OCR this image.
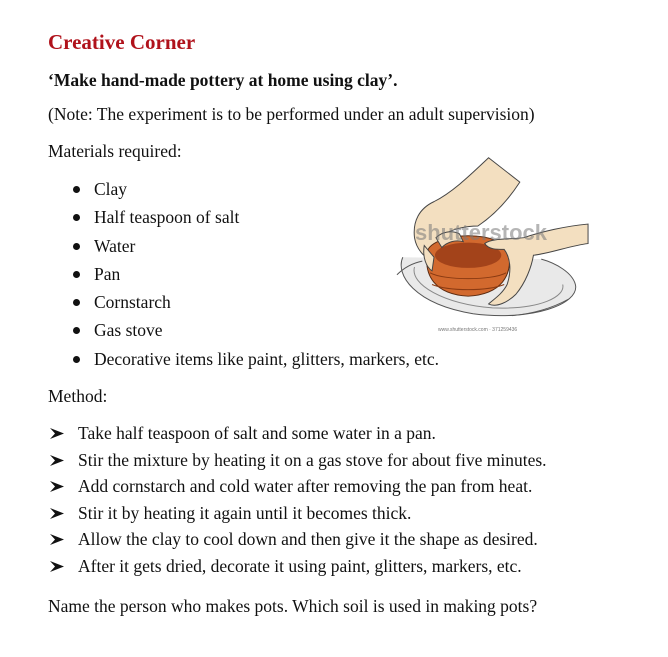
Creative Corner

‘Make hand-made pottery at home using clay’.

(Note: The experiment is to be performed under an adult supervision)

Materials required:

Clay
Half teaspoon of salt
Water
Pan
Cornstarch
Gas stove
Decorative items like paint, glitters, markers, etc.
shutterstock
www.shutterstock.com · 371259436

Method:

Take half teaspoon of salt and some water in a pan.
Stir the mixture by heating it on a gas stove for about five minutes.
Add cornstarch and cold water after removing the pan from heat.
Stir it by heating it again until it becomes thick.
Allow the clay to cool down and then give it the shape as desired.
After it gets dried, decorate it using paint, glitters, markers, etc.

Name the person who makes pots. Which soil is used in making pots?
